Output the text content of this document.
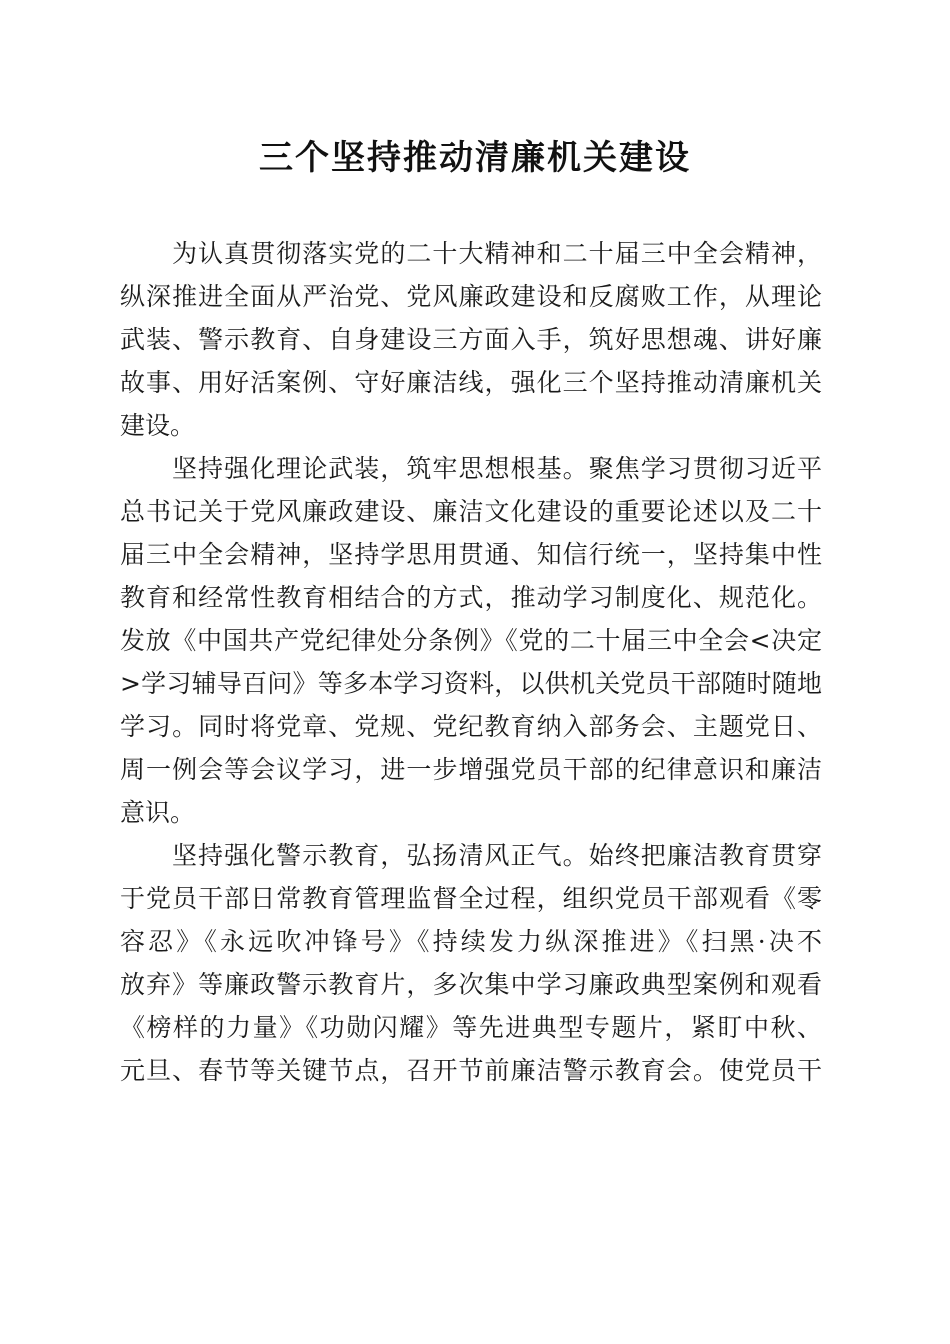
三个坚持推动清廉机关建设
为认真贯彻落实党的二十大精神和二十届三中全会精神，
纵深推进全面从严治党、党风廉政建设和反腐败工作，从理论
武装、警示教育、自身建设三方面入手，筑好思想魂、讲好廉
故事、用好活案例、守好廉洁线，强化三个坚持推动清廉机关
建设。
坚持强化理论武装，筑牢思想根基。聚焦学习贯彻习近平
总书记关于党风廉政建设、廉洁文化建设的重要论述以及二十
届三中全会精神，坚持学思用贯通、知信行统一，坚持集中性
教育和经常性教育相结合的方式，推动学习制度化、规范化。
发放《中国共产党纪律处分条例》《党的二十届三中全会<决定
>学习辅导百问》等多本学习资料，以供机关党员干部随时随地
学习。同时将党章、党规、党纪教育纳入部务会、主题党日、
周一例会等会议学习，进一步增强党员干部的纪律意识和廉洁
意识。
坚持强化警示教育，弘扬清风正气。始终把廉洁教育贯穿
于党员干部日常教育管理监督全过程，组织党员干部观看《零
容忍》《永远吹冲锋号》《持续发力纵深推进》《扫黑·决不
放弃》等廉政警示教育片，多次集中学习廉政典型案例和观看
《榜样的力量》《功勋闪耀》等先进典型专题片，紧盯中秋、
元旦、春节等关键节点，召开节前廉洁警示教育会。使党员干
